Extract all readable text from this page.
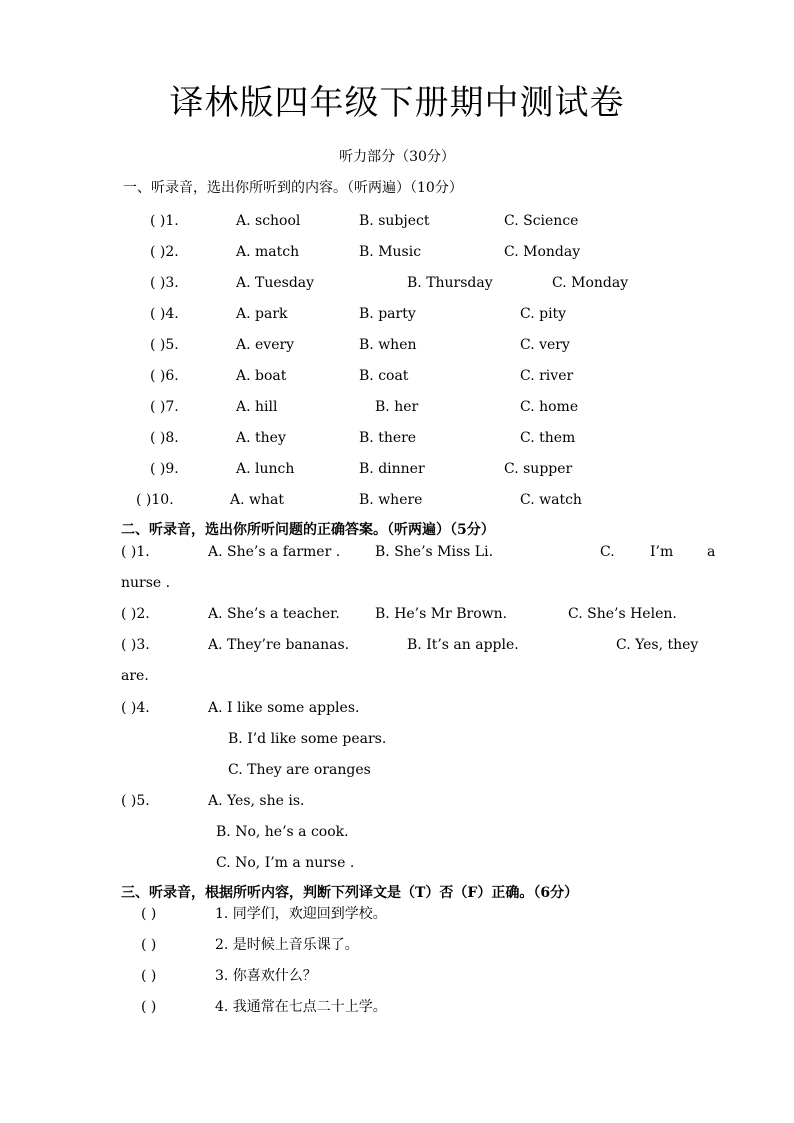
译林版四年级下册期中测试卷
听力部分（30分）
一、听录音，选出你所听到的内容。（听两遍）（10分）
( )1.	A. school	B. subject	C. Science
( )2.	A. match	B. Music	C. Monday
( )3.	A. Tuesday	B. Thursday	C. Monday
( )4.	A. park	B. party	C. pity
( )5.	A. every	B. when	C. very
( )6.	A. boat	B. coat	C. river
( )7.	A. hill	B. her	C. home
( )8.	A. they	B. there	C. them
( )9.	A. lunch	B. dinner	C. supper
( )10.	A. what	B. where	C. watch
二、听录音，选出你所听问题的正确答案。（听两遍）（5分）
( )1.	A. She’s a farmer . B. She’s Miss Li.	C.	I’m a
nurse .
( )2.	A. She’s a teacher.	B. He’s Mr Brown.	C. She’s Helen.
( )3.	A. They’re bananas.	B. It’s an apple.	C. Yes, they
are.
( )4.	A. I like some apples.
B. I’d like some pears.
C. They are oranges
( )5.	A. Yes, she is.
B. No, he’s a cook.
C. No, I’m a nurse .
三、听录音，根据所听内容，判断下列译文是（T）否（F）正确。（6分）
( )	1. 同学们，欢迎回到学校。
( )	2. 是时候上音乐课了。
( )	3. 你喜欢什么？
( )	4. 我通常在七点二十上学。
